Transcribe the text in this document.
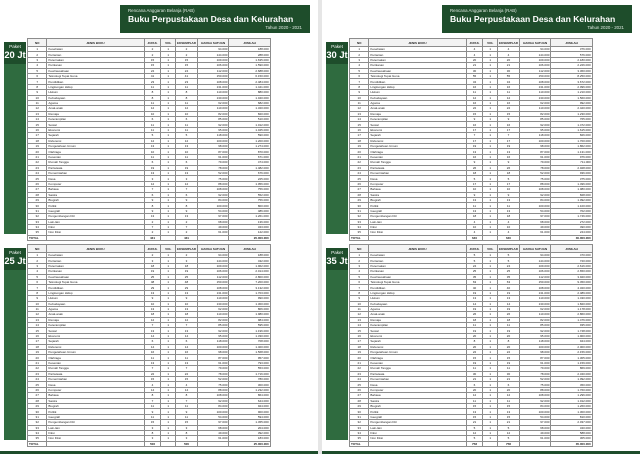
Rencana Anggaran Belanja (RAB)
Buku Perpustakaan Desa dan Kelurahan
Tahun 2020 - 2021
Paket
20 Jt
NO	JENIS BUKU	JUDUL	VOL	EKSEMPLAR	HARGA SATUAN	JUMLAH
1	Kesehatan	2	1	2	94.000	188.000
2	Pertanian	2	1	2	144.000	288.000
3	Peternakan	15	1	15	109.000	1.635.000
4	Perikanan	15	1	15	106.000	1.590.000
5	Kewirausahaan	24	1	24	112.000	2.688.000
6	Teknologi Tepat Guna	41	1	41	150.000	6.150.000
7	Pendidikan	23	1	23	108.000	2.484.000
8	Lingkungan Hidup	11	1	11	131.000	1.441.000
9	Hukum	8	1	8	110.000	880.000
10	Kebudayaan	8	1	8	130.000	1.040.000
11	Agama	11	1	11	62.000	682.000
12	Anak-anak	12	1	12	110.000	1.320.000
13	Remaja	10	1	10	82.000	820.000
14	Keterampilan	6	1	6	85.000	510.000
15	Sosial	11	1	11	92.000	1.012.000
16	Ekonomi	11	1	11	95.000	1.045.000
17	Sejarah	5	1	5	118.000	590.000
18	Referensi	12	1	12	100.000	1.200.000
19	Pengetahuan Umum	13	1	13	98.000	1.274.000
20	Olahraga	10	1	10	87.000	870.000
21	Kesenian	11	1	11	61.000	671.000
22	Rumah Tangga	6	1	6	79.000	474.000
23	Pariwisata	19	1	19	78.000	1.482.000
24	Pemerintahan	13	1	13	52.000	676.000
25	Desa	3	1	3	75.000	225.000
26	Komputer	12	1	12	88.000	1.056.000
27	Bahasa	7	1	7	108.000	756.000
28	Sastra	6	1	6	92.000	552.000
29	Biografi	9	1	9	84.000	756.000
30	Politik	8	1	8	100.000	800.000
31	Geografi	9	1	9	54.000	486.000
32	Pengembangan Diri	13	1	13	97.000	1.261.000
33	Lain-lain	2	1	2	68.000	136.000
34	Fiksi	7	1	7	49.000	343.000
35	Non Fiksi	2	1	2	61.000	122.000
TOTAL		431		431		20.000.000
Paket
25 Jt
NO	JENIS BUKU	JUDUL	VOL	EKSEMPLAR	HARGA SATUAN	JUMLAH
1	Kesehatan	2	1	2	94.000	188.000
2	Pertanian	3	1	3	144.000	432.000
3	Peternakan	18	1	18	109.000	1.962.000
4	Perikanan	19	1	19	106.000	2.014.000
5	Kewirausahaan	25	1	25	112.000	2.800.000
6	Teknologi Tepat Guna	48	1	48	150.000	7.200.000
7	Pendidikan	29	1	29	108.000	3.132.000
8	Lingkungan Hidup	13	1	13	131.000	1.703.000
9	Hukum	9	1	9	110.000	990.000
10	Kebudayaan	10	1	10	130.000	1.300.000
11	Agama	13	1	13	62.000	806.000
12	Anak-anak	18	1	18	110.000	1.980.000
13	Remaja	12	1	12	82.000	984.000
14	Keterampilan	7	1	7	85.000	595.000
15	Sosial	13	1	13	92.000	1.196.000
16	Ekonomi	14	1	14	95.000	1.330.000
17	Sejarah	6	1	6	118.000	708.000
18	Referensi	14	1	14	100.000	1.400.000
19	Pengetahuan Umum	16	1	16	98.000	1.568.000
20	Olahraga	11	1	11	87.000	957.000
21	Kesenian	13	1	13	61.000	793.000
22	Rumah Tangga	7	1	7	79.000	553.000
23	Pariwisata	22	1	22	78.000	1.716.000
24	Pemerintahan	15	1	15	52.000	780.000
25	Desa	4	1	4	75.000	300.000
26	Komputer	14	1	14	88.000	1.232.000
27	Bahasa	8	1	8	108.000	864.000
28	Sastra	7	1	7	92.000	644.000
29	Biografi	11	1	11	84.000	924.000
30	Politik	9	1	9	100.000	900.000
31	Geografi	11	1	11	54.000	594.000
32	Pengembangan Diri	15	1	15	97.000	1.455.000
33	Lain-lain	3	1	3	68.000	204.000
34	Fiksi	8	1	8	49.000	392.000
35	Non Fiksi	3	1	3	61.000	183.000
TOTAL		506		506		25.000.000
Rencana Anggaran Belanja (RAB)
Buku Perpustakaan Desa dan Kelurahan
Tahun 2020 - 2021
Paket
30 Jt
NO	JENIS BUKU	JUDUL	VOL	EKSEMPLAR	HARGA SATUAN	JUMLAH
1	Kesehatan	4	1	4	94.000	376.000
2	Pertanian	4	1	4	144.000	576.000
3	Peternakan	20	1	20	109.000	2.180.000
4	Perikanan	21	1	21	106.000	2.226.000
5	Kewirausahaan	30	1	30	112.000	3.360.000
6	Teknologi Tepat Guna	55	1	55	150.000	8.250.000
7	Pendidikan	34	1	34	108.000	3.672.000
8	Lingkungan Hidup	16	1	16	131.000	2.096.000
9	Hukum	11	1	11	110.000	1.210.000
10	Kebudayaan	12	1	12	130.000	1.560.000
11	Agama	16	1	16	62.000	992.000
12	Anak-anak	22	1	22	110.000	2.420.000
13	Remaja	15	1	15	82.000	1.230.000
14	Keterampilan	9	1	9	85.000	765.000
15	Sosial	16	1	16	92.000	1.472.000
16	Ekonomi	17	1	17	95.000	1.615.000
17	Sejarah	7	1	7	118.000	826.000
18	Referensi	17	1	17	100.000	1.700.000
19	Pengetahuan Umum	19	1	19	98.000	1.862.000
20	Olahraga	13	1	13	87.000	1.131.000
21	Kesenian	16	1	16	61.000	976.000
22	Rumah Tangga	9	1	9	79.000	711.000
23	Pariwisata	26	1	26	78.000	2.028.000
24	Pemerintahan	18	1	18	52.000	936.000
25	Desa	5	1	5	75.000	375.000
26	Komputer	17	1	17	88.000	1.496.000
27	Bahasa	10	1	10	108.000	1.080.000
28	Sastra	9	1	9	92.000	828.000
29	Biografi	13	1	13	84.000	1.092.000
30	Politik	11	1	11	100.000	1.100.000
31	Geografi	13	1	13	54.000	702.000
32	Pengembangan Diri	18	1	18	97.000	1.746.000
33	Lain-lain	4	1	4	68.000	272.000
34	Fiksi	10	1	10	49.000	490.000
35	Non Fiksi	4	1	4	61.000	244.000
TOTAL		640		640		30.000.000
Paket
35 Jt
NO	JENIS BUKU	JUDUL	VOL	EKSEMPLAR	HARGA SATUAN	JUMLAH
1	Kesehatan	5	1	5	94.000	470.000
2	Pertanian	5	1	5	144.000	720.000
3	Peternakan	24	1	24	109.000	2.616.000
4	Perikanan	25	1	25	106.000	2.650.000
5	Kewirausahaan	35	1	35	112.000	3.920.000
6	Teknologi Tepat Guna	63	1	63	150.000	9.450.000
7	Pendidikan	40	1	40	108.000	4.320.000
8	Lingkungan Hidup	19	1	19	131.000	2.489.000
9	Hukum	13	1	13	110.000	1.430.000
10	Kebudayaan	14	1	14	130.000	1.820.000
11	Agama	19	1	19	62.000	1.178.000
12	Anak-anak	26	1	26	110.000	2.860.000
13	Remaja	18	1	18	82.000	1.476.000
14	Keterampilan	11	1	11	85.000	935.000
15	Sosial	19	1	19	92.000	1.748.000
16	Ekonomi	20	1	20	95.000	1.900.000
17	Sejarah	8	1	8	118.000	944.000
18	Referensi	20	1	20	100.000	2.000.000
19	Pengetahuan Umum	22	1	22	98.000	2.156.000
20	Olahraga	15	1	15	87.000	1.305.000
21	Kesenian	19	1	19	61.000	1.159.000
22	Rumah Tangga	11	1	11	79.000	869.000
23	Pariwisata	30	1	30	78.000	2.340.000
24	Pemerintahan	21	1	21	52.000	1.092.000
25	Desa	6	1	6	75.000	450.000
26	Komputer	20	1	20	88.000	1.760.000
27	Bahasa	12	1	12	108.000	1.296.000
28	Sastra	11	1	11	92.000	1.012.000
29	Biografi	15	1	15	84.000	1.260.000
30	Politik	13	1	13	100.000	1.300.000
31	Geografi	15	1	15	54.000	810.000
32	Pengembangan Diri	21	1	21	97.000	2.037.000
33	Lain-lain	5	1	5	68.000	340.000
34	Fiksi	12	1	12	49.000	588.000
35	Non Fiksi	5	1	5	61.000	305.000
TOTAL		758		758		35.000.000
